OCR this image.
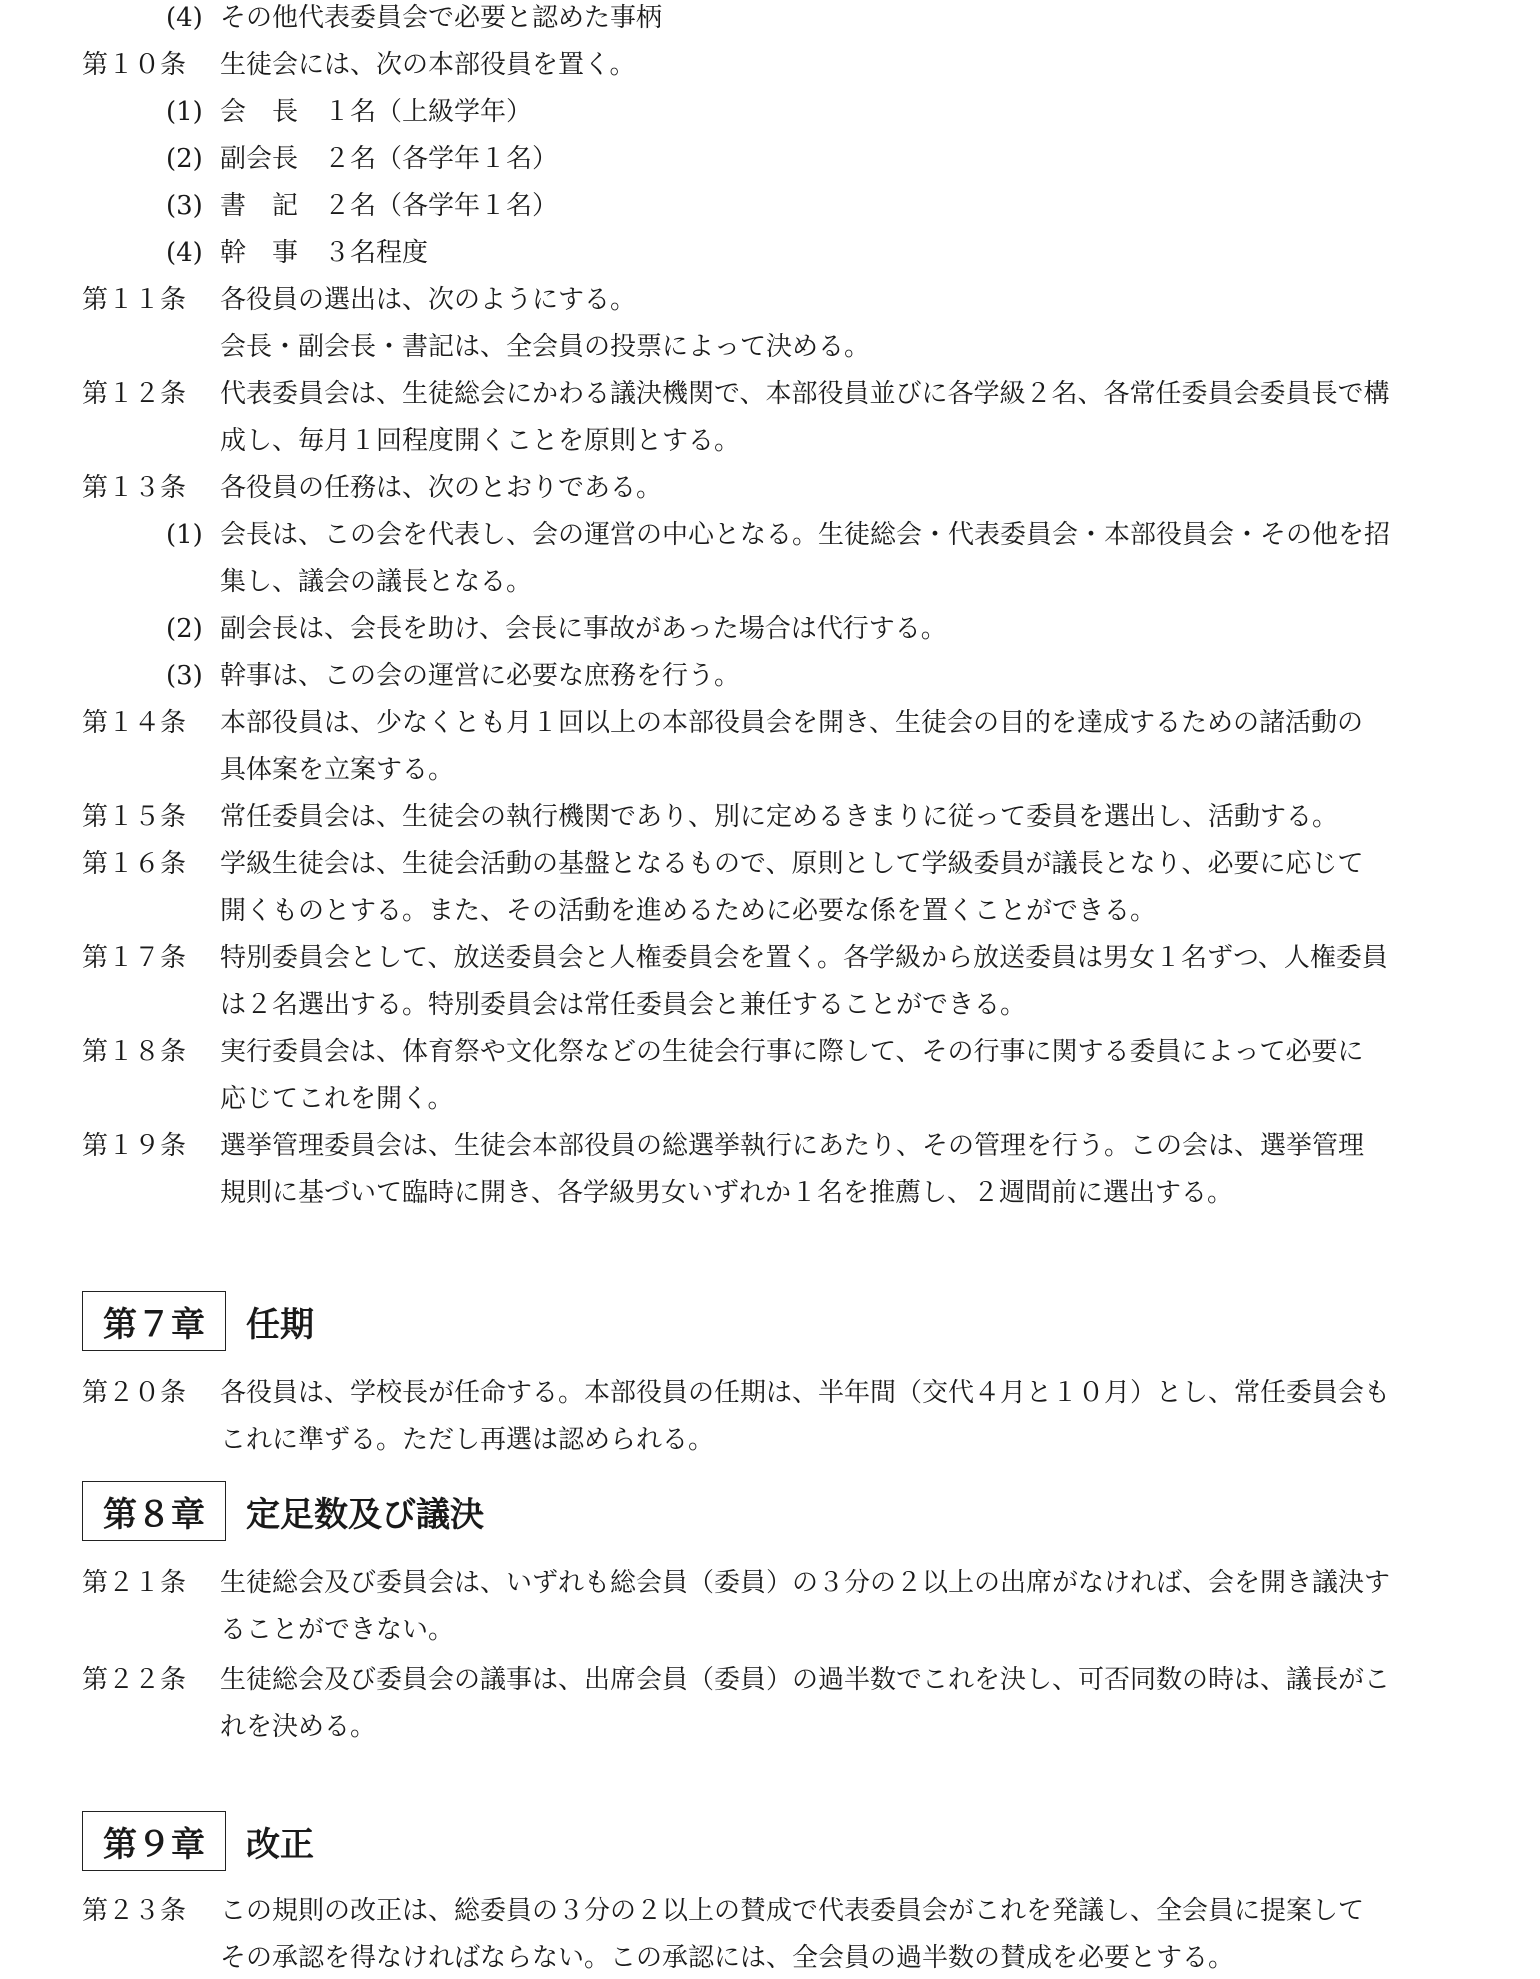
(4) その他代表委員会で必要と認めた事柄
第１０条 生徒会には、次の本部役員を置く。
(1) 会　長　１名（上級学年）
(2) 副会長　２名（各学年１名）
(3) 書　記　２名（各学年１名）
(4) 幹　事　３名程度
第１１条 各役員の選出は、次のようにする。
会長・副会長・書記は、全会員の投票によって決める。
第１２条 代表委員会は、生徒総会にかわる議決機関で、本部役員並びに各学級２名、各常任委員会委員長で構
成し、毎月１回程度開くことを原則とする。
第１３条 各役員の任務は、次のとおりである。
(1) 会長は、この会を代表し、会の運営の中心となる。生徒総会・代表委員会・本部役員会・その他を招
集し、議会の議長となる。
(2) 副会長は、会長を助け、会長に事故があった場合は代行する。
(3) 幹事は、この会の運営に必要な庶務を行う。
第１４条 本部役員は、少なくとも月１回以上の本部役員会を開き、生徒会の目的を達成するための諸活動の
具体案を立案する。
第１５条 常任委員会は、生徒会の執行機関であり、別に定めるきまりに従って委員を選出し、活動する。
第１６条 学級生徒会は、生徒会活動の基盤となるもので、原則として学級委員が議長となり、必要に応じて
開くものとする。また、その活動を進めるために必要な係を置くことができる。
第１７条 特別委員会として、放送委員会と人権委員会を置く。各学級から放送委員は男女１名ずつ、人権委員
は２名選出する。特別委員会は常任委員会と兼任することができる。
第１８条 実行委員会は、体育祭や文化祭などの生徒会行事に際して、その行事に関する委員によって必要に
応じてこれを開く。
第１９条 選挙管理委員会は、生徒会本部役員の総選挙執行にあたり、その管理を行う。この会は、選挙管理
規則に基づいて臨時に開き、各学級男女いずれか１名を推薦し、２週間前に選出する。
第７章	任期
第２０条 各役員は、学校長が任命する。本部役員の任期は、半年間（交代４月と１０月）とし、常任委員会も
これに準ずる。ただし再選は認められる。
第８章	定足数及び議決
第２１条 生徒総会及び委員会は、いずれも総会員（委員）の３分の２以上の出席がなければ、会を開き議決す
ることができない。
第２２条 生徒総会及び委員会の議事は、出席会員（委員）の過半数でこれを決し、可否同数の時は、議長がこ
れを決める。
第９章	改正
第２３条 この規則の改正は、総委員の３分の２以上の賛成で代表委員会がこれを発議し、全会員に提案して
その承認を得なければならない。この承認には、全会員の過半数の賛成を必要とする。
